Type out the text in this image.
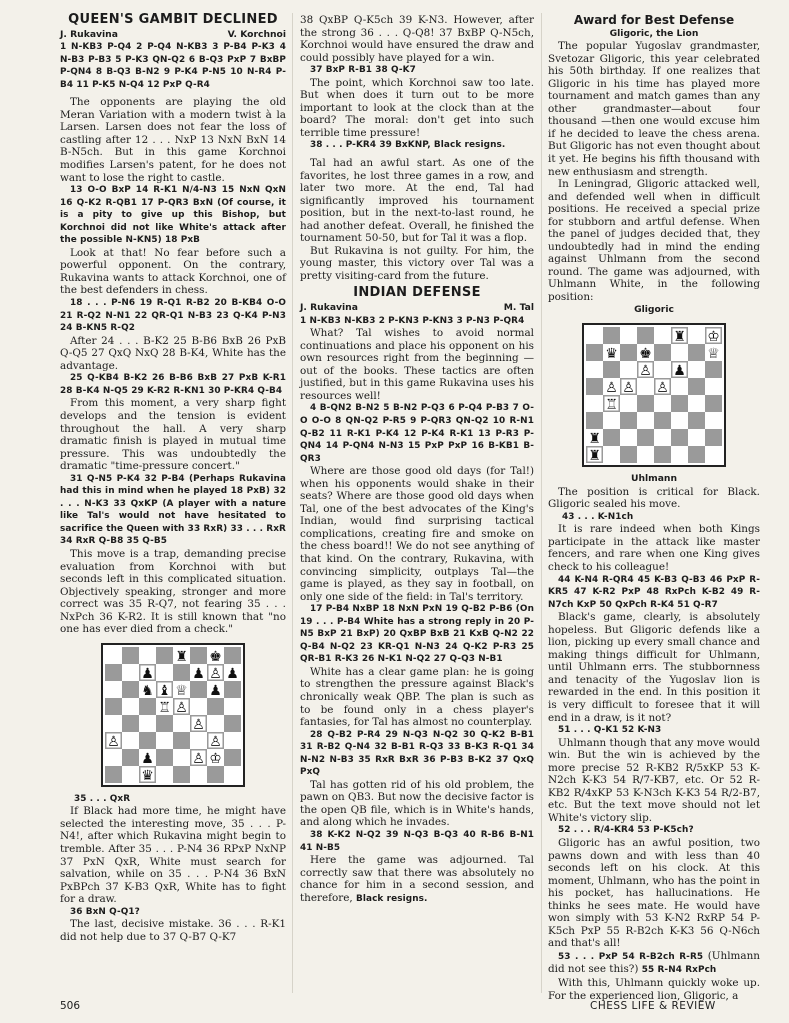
QUEEN'S GAMBIT DECLINED
J. Rukavina	V. Korchnoi

1 N-KB3 P-Q4 2 P-Q4 N-KB3 3 P-B4 P-K3 4 N-B3 P-B3 5 P-K3 QN-Q2 6 B-Q3 PxP 7 BxBP P-QN4 8 B-Q3 B-N2 9 P-K4 P-N5 10 N-R4 P-B4 11 P-K5 N-Q4 12 PxP Q-R4

The opponents are playing the old Meran Variation with a modern twist à la Larsen. Larsen does not fear the loss of castling after 12 . . . NxP 13 NxN BxN 14 B-N5ch. But in this game Korchnoi modifies Larsen's patent, for he does not want to lose the right to castle.

13 O-O BxP 14 R-K1 N/4-N3 15 NxN QxN 16 Q-K2 R-QB1 17 P-QR3 BxN (Of course, it is a pity to give up this Bishop, but Korchnoi did not like White's attack after the possible N-KN5) 18 PxB

Look at that! No fear before such a powerful opponent. On the contrary, Rukavina wants to attack Korchnoi, one of the best defenders in chess.

18 . . . P-N6 19 R-Q1 R-B2 20 B-KB4 O-O 21 R-Q2 N-N1 22 QR-Q1 N-B3 23 Q-K4 P-N3 24 B-KN5 R-Q2

After 24 . . . B-K2 25 B-B6 BxB 26 PxB Q-Q5 27 QxQ NxQ 28 B-K4, White has the advantage.

25 Q-KB4 B-K2 26 B-B6 BxB 27 PxB K-R1 28 B-K4 N-Q5 29 K-R2 R-KN1 30 P-KR4 Q-B4

From this moment, a very sharp fight develops and the tension is evident throughout the hall. A very sharp dramatic finish is played in mutual time pressure. This was undoubtedly the dramatic "time-pressure concert."

31 Q-N5 P-K4 32 P-B4 (Perhaps Rukavina had this in mind when he played 18 PxB) 32 . . . N-K3 33 QxKP (A player with a nature like Tal's would not have hesitated to sacrifice the Queen with 33 RxR) 33 . . . RxR 34 RxR Q-B8 35 Q-B5

This move is a trap, demanding precise evaluation from Korchnoi with but seconds left in this complicated situation. Objectively speaking, stronger and more correct was 35 R-Q7, not fearing 35 . . . NxPch 36 K-R2. It is still known that "no one has ever died from a check."

♜ ♚
♟	♟ ♙ ♟
♞ ♝ ♕ ♟
♖ ♙
♙
♙	♙
♟	♙ ♔
♛

35 . . . QxR

If Black had more time, he might have selected the interesting move, 35 . . . P-N4!, after which Rukavina might begin to tremble. After 35 . . . P-N4 36 RPxP NxNP 37 PxN QxR, White must search for salvation, while on 35 . . . P-N4 36 BxN PxBPch 37 K-B3 QxR, White has to fight for a draw.

36 BxN Q-Q1?

The last, decisive mistake. 36 . . . R-K1 did not help due to 37 Q-B7 Q-K7

38 QxBP Q-K5ch 39 K-N3. However, after the strong 36 . . . Q-Q8! 37 BxBP Q-N5ch, Korchnoi would have ensured the draw and could possibly have played for a win.

37 BxP R-B1 38 Q-K7

The point, which Korchnoi saw too late. But when does it turn out to be more important to look at the clock than at the board? The moral: don't get into such terrible time pressure!

38 . . . P-KR4 39 BxKNP, Black resigns.

Tal had an awful start. As one of the favorites, he lost three games in a row, and later two more. At the end, Tal had significantly improved his tournament position, but in the next-to-last round, he had another defeat. Overall, he finished the tournament 50-50, but for Tal it was a flop.

But Rukavina is not guilty. For him, the young master, this victory over Tal was a pretty visiting-card from the future.

INDIAN DEFENSE
J. Rukavina	M. Tal

1 N-KB3 N-KB3 2 P-KN3 P-KN3 3 P-N3 P-QR4

What? Tal wishes to avoid normal continuations and place his opponent on his own resources right from the beginning —out of the books. These tactics are often justified, but in this game Rukavina uses his resources well!

4 B-QN2 B-N2 5 B-N2 P-Q3 6 P-Q4 P-B3 7 O-O O-O 8 QN-Q2 P-R5 9 P-QR3 QN-Q2 10 R-N1 Q-B2 11 R-K1 P-K4 12 P-K4 R-K1 13 P-R3 P-QN4 14 P-QN4 N-N3 15 PxP PxP 16 B-KB1 B-QR3

Where are those good old days (for Tal!) when his opponents would shake in their seats? Where are those good old days when Tal, one of the best advocates of the King's Indian, would find surprising tactical complications, creating fire and smoke on the chess board!! We do not see anything of that kind. On the contrary, Rukavina, with convincing simplicity, outplays Tal—the game is played, as they say in football, on only one side of the field: in Tal's territory.

17 P-B4 NxBP 18 NxN PxN 19 Q-B2 P-B6 (On 19 . . . P-B4 White has a strong reply in 20 P-N5 BxP 21 BxP) 20 QxBP BxB 21 KxB Q-N2 22 Q-B4 N-Q2 23 KR-Q1 N-N3 24 Q-K2 P-R3 25 QR-B1 R-K3 26 N-K1 N-Q2 27 Q-Q3 N-B1

White has a clear game plan: he is going to strengthen the pressure against Black's chronically weak QBP. The plan is such as to be found only in a chess player's fantasies, for Tal has almost no counterplay.

28 Q-B2 P-R4 29 N-Q3 N-Q2 30 Q-K2 B-B1 31 R-B2 Q-N4 32 B-B1 R-Q3 33 B-K3 R-Q1 34 N-N2 N-B3 35 RxR BxR 36 P-B3 B-K2 37 QxQ PxQ

Tal has gotten rid of his old problem, the pawn on QB3. But now the decisive factor is the open QB file, which is in White's hands, and along which he invades.

38 K-K2 N-Q2 39 N-Q3 B-Q3 40 R-B6 B-N1 41 N-B5

Here the game was adjourned. Tal correctly saw that there was absolutely no chance for him in a second session, and therefore, Black resigns.

Award for Best Defense
Gligoric, the Lion

The popular Yugoslav grandmaster, Svetozar Gligoric, this year celebrated his 50th birthday. If one realizes that Gligoric in his time has played more tournament and match games than any other grandmaster—about four thousand —then one would excuse him if he decided to leave the chess arena. But Gligoric has not even thought about it yet. He begins his fifth thousand with new enthusiasm and strength.

In Leningrad, Gligoric attacked well, and defended well when in difficult positions. He received a special prize for stubborn and artful defense. When the panel of judges decided that, they undoubtedly had in mind the ending against Uhlmann from the second round. The game was adjourned, with Uhlmann White, in the following position:

Gligoric
♜ ♔
♛ ♚	♕
♙ ♟
♙ ♙ ♙
♖
♜
♜
Uhlmann

The position is critical for Black. Gligoric sealed his move.

43 . . . K-N1ch

It is rare indeed when both Kings participate in the attack like master fencers, and rare when one King gives check to his colleague!

44 K-N4 R-QR4 45 K-B3 Q-B3 46 PxP R-KR5 47 K-R2 PxP 48 RxPch K-B2 49 R-N7ch KxP 50 QxPch R-K4 51 Q-R7

Black's game, clearly, is absolutely hopeless. But Gligoric defends like a lion, picking up every small chance and making things difficult for Uhlmann, until Uhlmann errs. The stubbornness and tenacity of the Yugoslav lion is rewarded in the end. In this position it is very difficult to foresee that it will end in a draw, is it not?

51 . . . Q-K1 52 K-N3

Uhlmann though that any move would win. But the win is achieved by the more precise 52 R-KB2 R/5xKP 53 K-N2ch K-K3 54 R/7-KB7, etc. Or 52 R-KB2 R/4xKP 53 K-N3ch K-K3 54 R/2-B7, etc. But the text move should not let White's victory slip.

52 . . . R/4-KR4 53 P-K5ch?

Gligoric has an awful position, two pawns down and with less than 40 seconds left on his clock. At this moment, Uhlmann, who has the point in his pocket, has hallucinations. He thinks he sees mate. He would have won simply with 53 K-N2 RxRP 54 P-K5ch PxP 55 R-B2ch K-K3 56 Q-N6ch and that's all!

53 . . . PxP 54 R-B2ch R-R5 (Uhlmann did not see this?) 55 R-N4 RxPch

With this, Uhlmann quickly woke up. For the experienced lion, Gligoric, a

506	CHESS LIFE & REVIEW
